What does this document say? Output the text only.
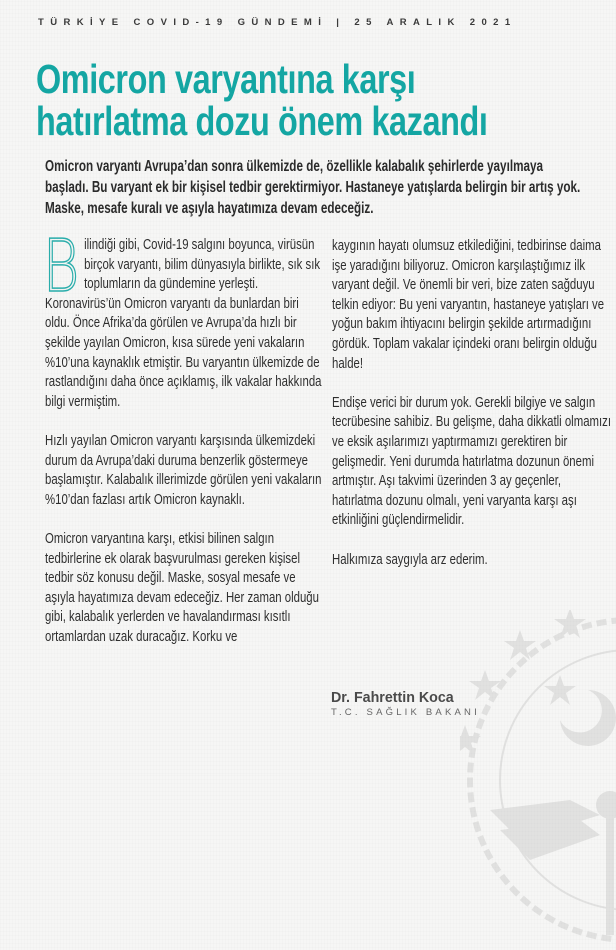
TÜRKİYE COVID-19 GÜNDEMİ | 25 ARALIK 2021
Omicron varyantına karşı
hatırlatma dozu önem kazandı
Omicron varyantı Avrupa’dan sonra ülkemizde de, özellikle kalabalık şehirlerde yayılmaya başladı. Bu varyant ek bir kişisel tedbir gerektirmiyor. Hastaneye yatışlarda belirgin bir artış yok. Maske, mesafe kuralı ve aşıyla hayatımıza devam edeceğiz.

B ilindiği gibi, Covid-19 salgını boyunca, virüsün birçok varyantı, bilim dünyasıyla birlikte, sık sık toplumların da gündemine yerleşti. Koronavirüs’ün Omicron varyantı da bunlardan biri oldu. Önce Afrika’da görülen ve Avrupa’da hızlı bir şekilde yayılan Omicron, kısa sürede yeni vakaların %10’una kaynaklık etmiştir. Bu varyantın ülkemizde de rastlandığını daha önce açıklamış, ilk vakalar hakkında bilgi vermiştim.

Hızlı yayılan Omicron varyantı karşısında ülkemizdeki durum da Avrupa’daki duruma benzerlik göstermeye başlamıştır. Kalabalık illerimizde görülen yeni vakaların %10’dan fazlası artık Omicron kaynaklı.

Omicron varyantına karşı, etkisi bilinen salgın tedbirlerine ek olarak başvurulması gereken kişisel tedbir söz konusu değil. Maske, sosyal mesafe ve aşıyla hayatımıza devam edeceğiz. Her zaman olduğu gibi, kalabalık yerlerden ve havalandırması kısıtlı ortamlardan uzak duracağız. Korku ve

kaygının hayatı olumsuz etkilediğini, tedbirinse daima işe yaradığını biliyoruz. Omicron karşılaştığımız ilk varyant değil. Ve önemli bir veri, bize zaten sağduyu telkin ediyor: Bu yeni varyantın, hastaneye yatışları ve yoğun bakım ihtiyacını belirgin şekilde artırmadığını gördük. Toplam vakalar içindeki oranı belirgin olduğu halde!

Endişe verici bir durum yok. Gerekli bilgiye ve salgın tecrübesine sahibiz. Bu gelişme, daha dikkatli olmamızı ve eksik aşılarımızı yaptırmamızı gerektiren bir gelişmedir. Yeni durumda hatırlatma dozunun önemi artmıştır. Aşı takvimi üzerinden 3 ay geçenler, hatırlatma dozunu olmalı, yeni varyanta karşı aşı etkinliğini güçlendirmelidir.

Halkımıza saygıyla arz ederim.

Dr. Fahrettin Koca
T.C. SAĞLIK BAKANI
